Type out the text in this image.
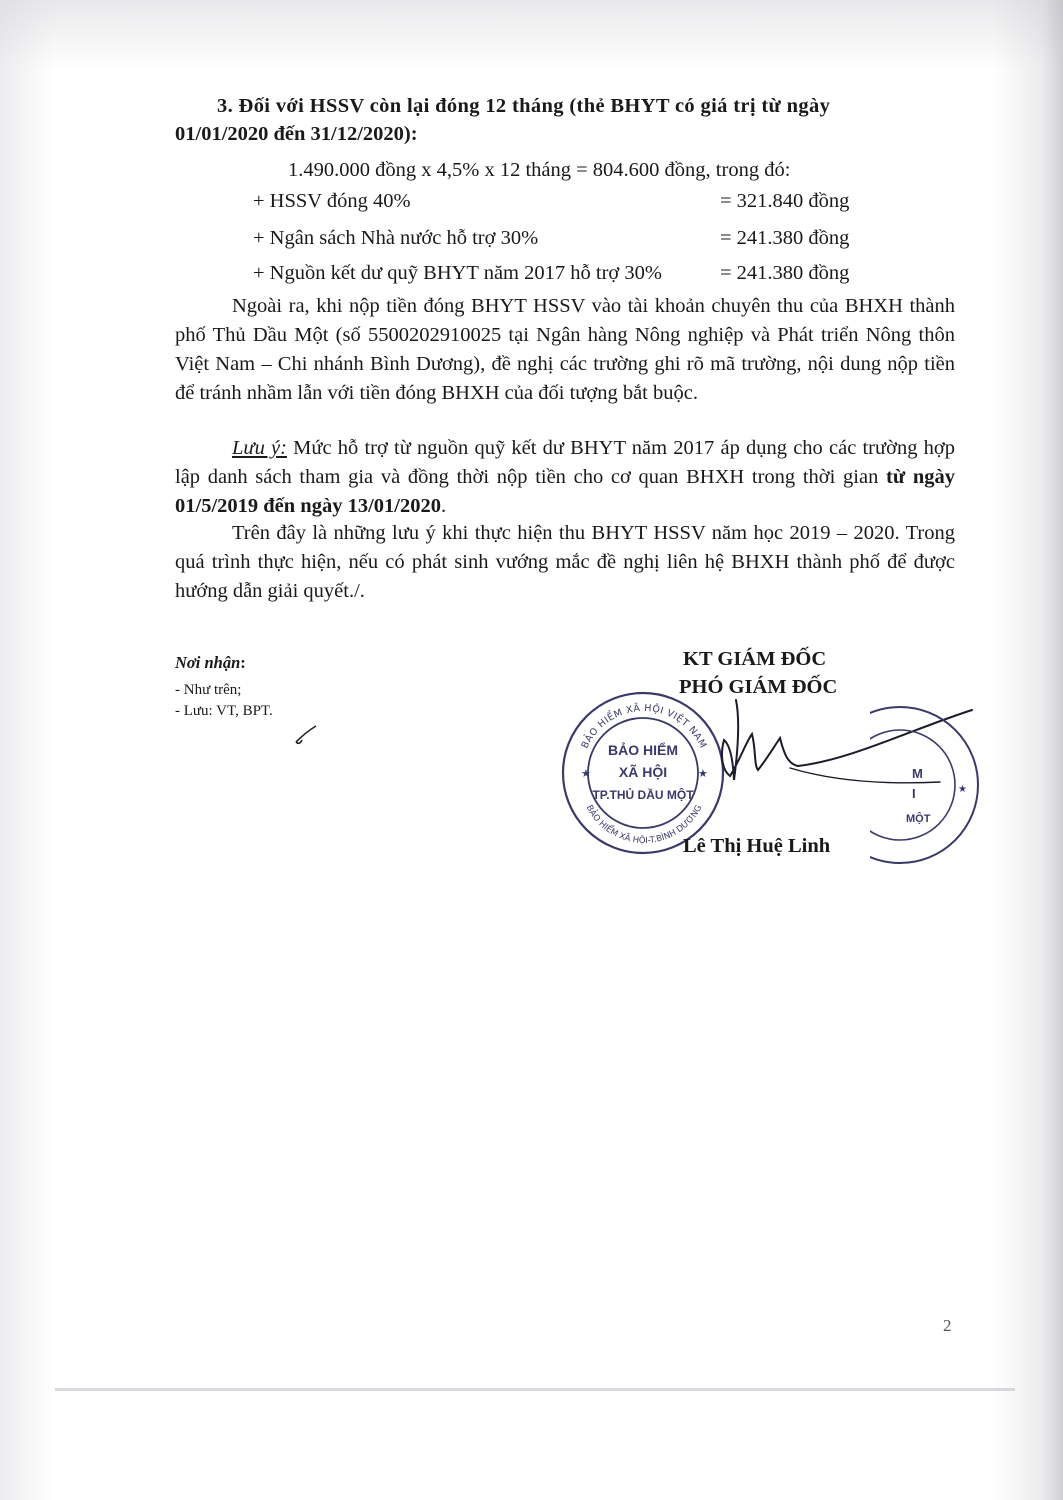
3. Đối với HSSV còn lại đóng 12 tháng (thẻ BHYT có giá trị từ ngày
01/01/2020 đến 31/12/2020):
1.490.000 đồng x 4,5% x 12 tháng = 804.600 đồng, trong đó:
+ HSSV đóng 40%	= 321.840 đồng
+ Ngân sách Nhà nước hỗ trợ 30%	= 241.380 đồng
+ Nguồn kết dư quỹ BHYT năm 2017 hỗ trợ 30%	= 241.380 đồng
Ngoài ra, khi nộp tiền đóng BHYT HSSV vào tài khoản chuyên thu của BHXH thành phố Thủ Dầu Một (số 5500202910025 tại Ngân hàng Nông nghiệp và Phát triển Nông thôn Việt Nam – Chi nhánh Bình Dương), đề nghị các trường ghi rõ mã trường, nội dung nộp tiền để tránh nhầm lẫn với tiền đóng BHXH của đối tượng bắt buộc.
Lưu ý: Mức hỗ trợ từ nguồn quỹ kết dư BHYT năm 2017 áp dụng cho các trường hợp lập danh sách tham gia và đồng thời nộp tiền cho cơ quan BHXH trong thời gian từ ngày 01/5/2019 đến ngày 13/01/2020.
Trên đây là những lưu ý khi thực hiện thu BHYT HSSV năm học 2019 – 2020. Trong quá trình thực hiện, nếu có phát sinh vướng mắc đề nghị liên hệ BHXH thành phố để được hướng dẫn giải quyết./.
Nơi nhận:
- Như trên;
- Lưu: VT, BPT.
KT GIÁM ĐỐC
PHÓ GIÁM ĐỐC
BẢO HIỂM XÃ HỘI VIỆT NAM
BẢO HIỂM XÃ HỘI-T.BÌNH DƯƠNG
★	★
BẢO HIỂM
XÃ HỘI
TP.THỦ DẦU MỘT	★
M
I
MỘT
Lê Thị Huệ Linh
2
